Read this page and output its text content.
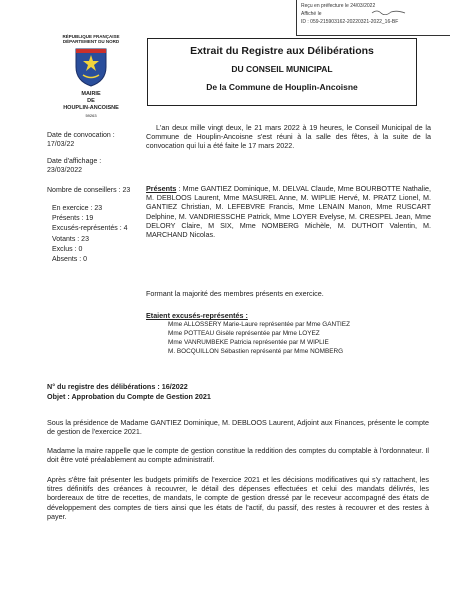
Reçu en préfecture le 24/03/2022
Affiché le
ID : 059-215903162-20220321-2022_16-BF
RÉPUBLIQUE FRANÇAISE
DÉPARTEMENT DU NORD
MAIRIE
DE
HOUPLIN-ANCOISNE
59263
Extrait du Registre aux Délibérations
DU CONSEIL MUNICIPAL
De la Commune de Houplin-Ancoisne
Date de convocation :
17/03/22
Date d'affichage :
23/03/2022
Nombre de conseillers : 23
En exercice : 23
Présents : 19
Excusés-représentés : 4
Votants : 23
Exclus : 0
Absents : 0
L'an deux mille vingt deux, le 21 mars 2022 à 19 heures, le Conseil Municipal de la Commune de Houplin-Ancoisne s'est réuni à la salle des fêtes, à la suite de la convocation qui lui a été faite le 17 mars 2022.
Présents : Mme GANTIEZ Dominique, M. DELVAL Claude, Mme BOURBOTTE Nathalie, M. DEBLOOS Laurent, Mme MASUREL Anne, M. WIPLIE Hervé, M. PRATZ Lionel, M. GANTIEZ Christian, M. LEFEBVRE Francis, Mme LENAIN Manon, Mme RUSCART Delphine, M. VANDRIESSCHE Patrick, Mme LOYER Evelyse, M. CRESPEL Jean, Mme DELORY Claire, M SIX, Mme NOMBERG Michèle, M. DUTHOIT Valentin, M. MARCHAND Nicolas.
Formant la majorité des membres présents en exercice.
Etaient excusés-représentés :
Mme ALLOSSERY Marie-Laure représentée par Mme GANTIEZ
Mme POTTEAU Gisèle représentée par Mme LOYEZ
Mme VANRUMBEKE Patricia représentée par M WIPLIE
M. BOCQUILLON Sébastien représenté par Mme NOMBERG
N° du registre des délibérations : 16/2022
Objet : Approbation du Compte de Gestion 2021
Sous la présidence de Madame GANTIEZ Dominique, M. DEBLOOS Laurent, Adjoint aux Finances, présente le compte de gestion de l'exercice 2021.
Madame la maire rappelle que le compte de gestion constitue la reddition des comptes du comptable à l'ordonnateur. Il doit être voté préalablement au compte administratif.
Après s'être fait présenter les budgets primitifs de l'exercice 2021 et les décisions modificatives qui s'y rattachent, les titres définitifs des créances à recouvrer, le détail des dépenses effectuées et celui des mandats délivrés, les bordereaux de titre de recettes, de mandats, le compte de gestion dressé par le receveur accompagné des états de développement des comptes de tiers ainsi que les états de l'actif, du passif, des restes à recouvrer et des restes à payer.
